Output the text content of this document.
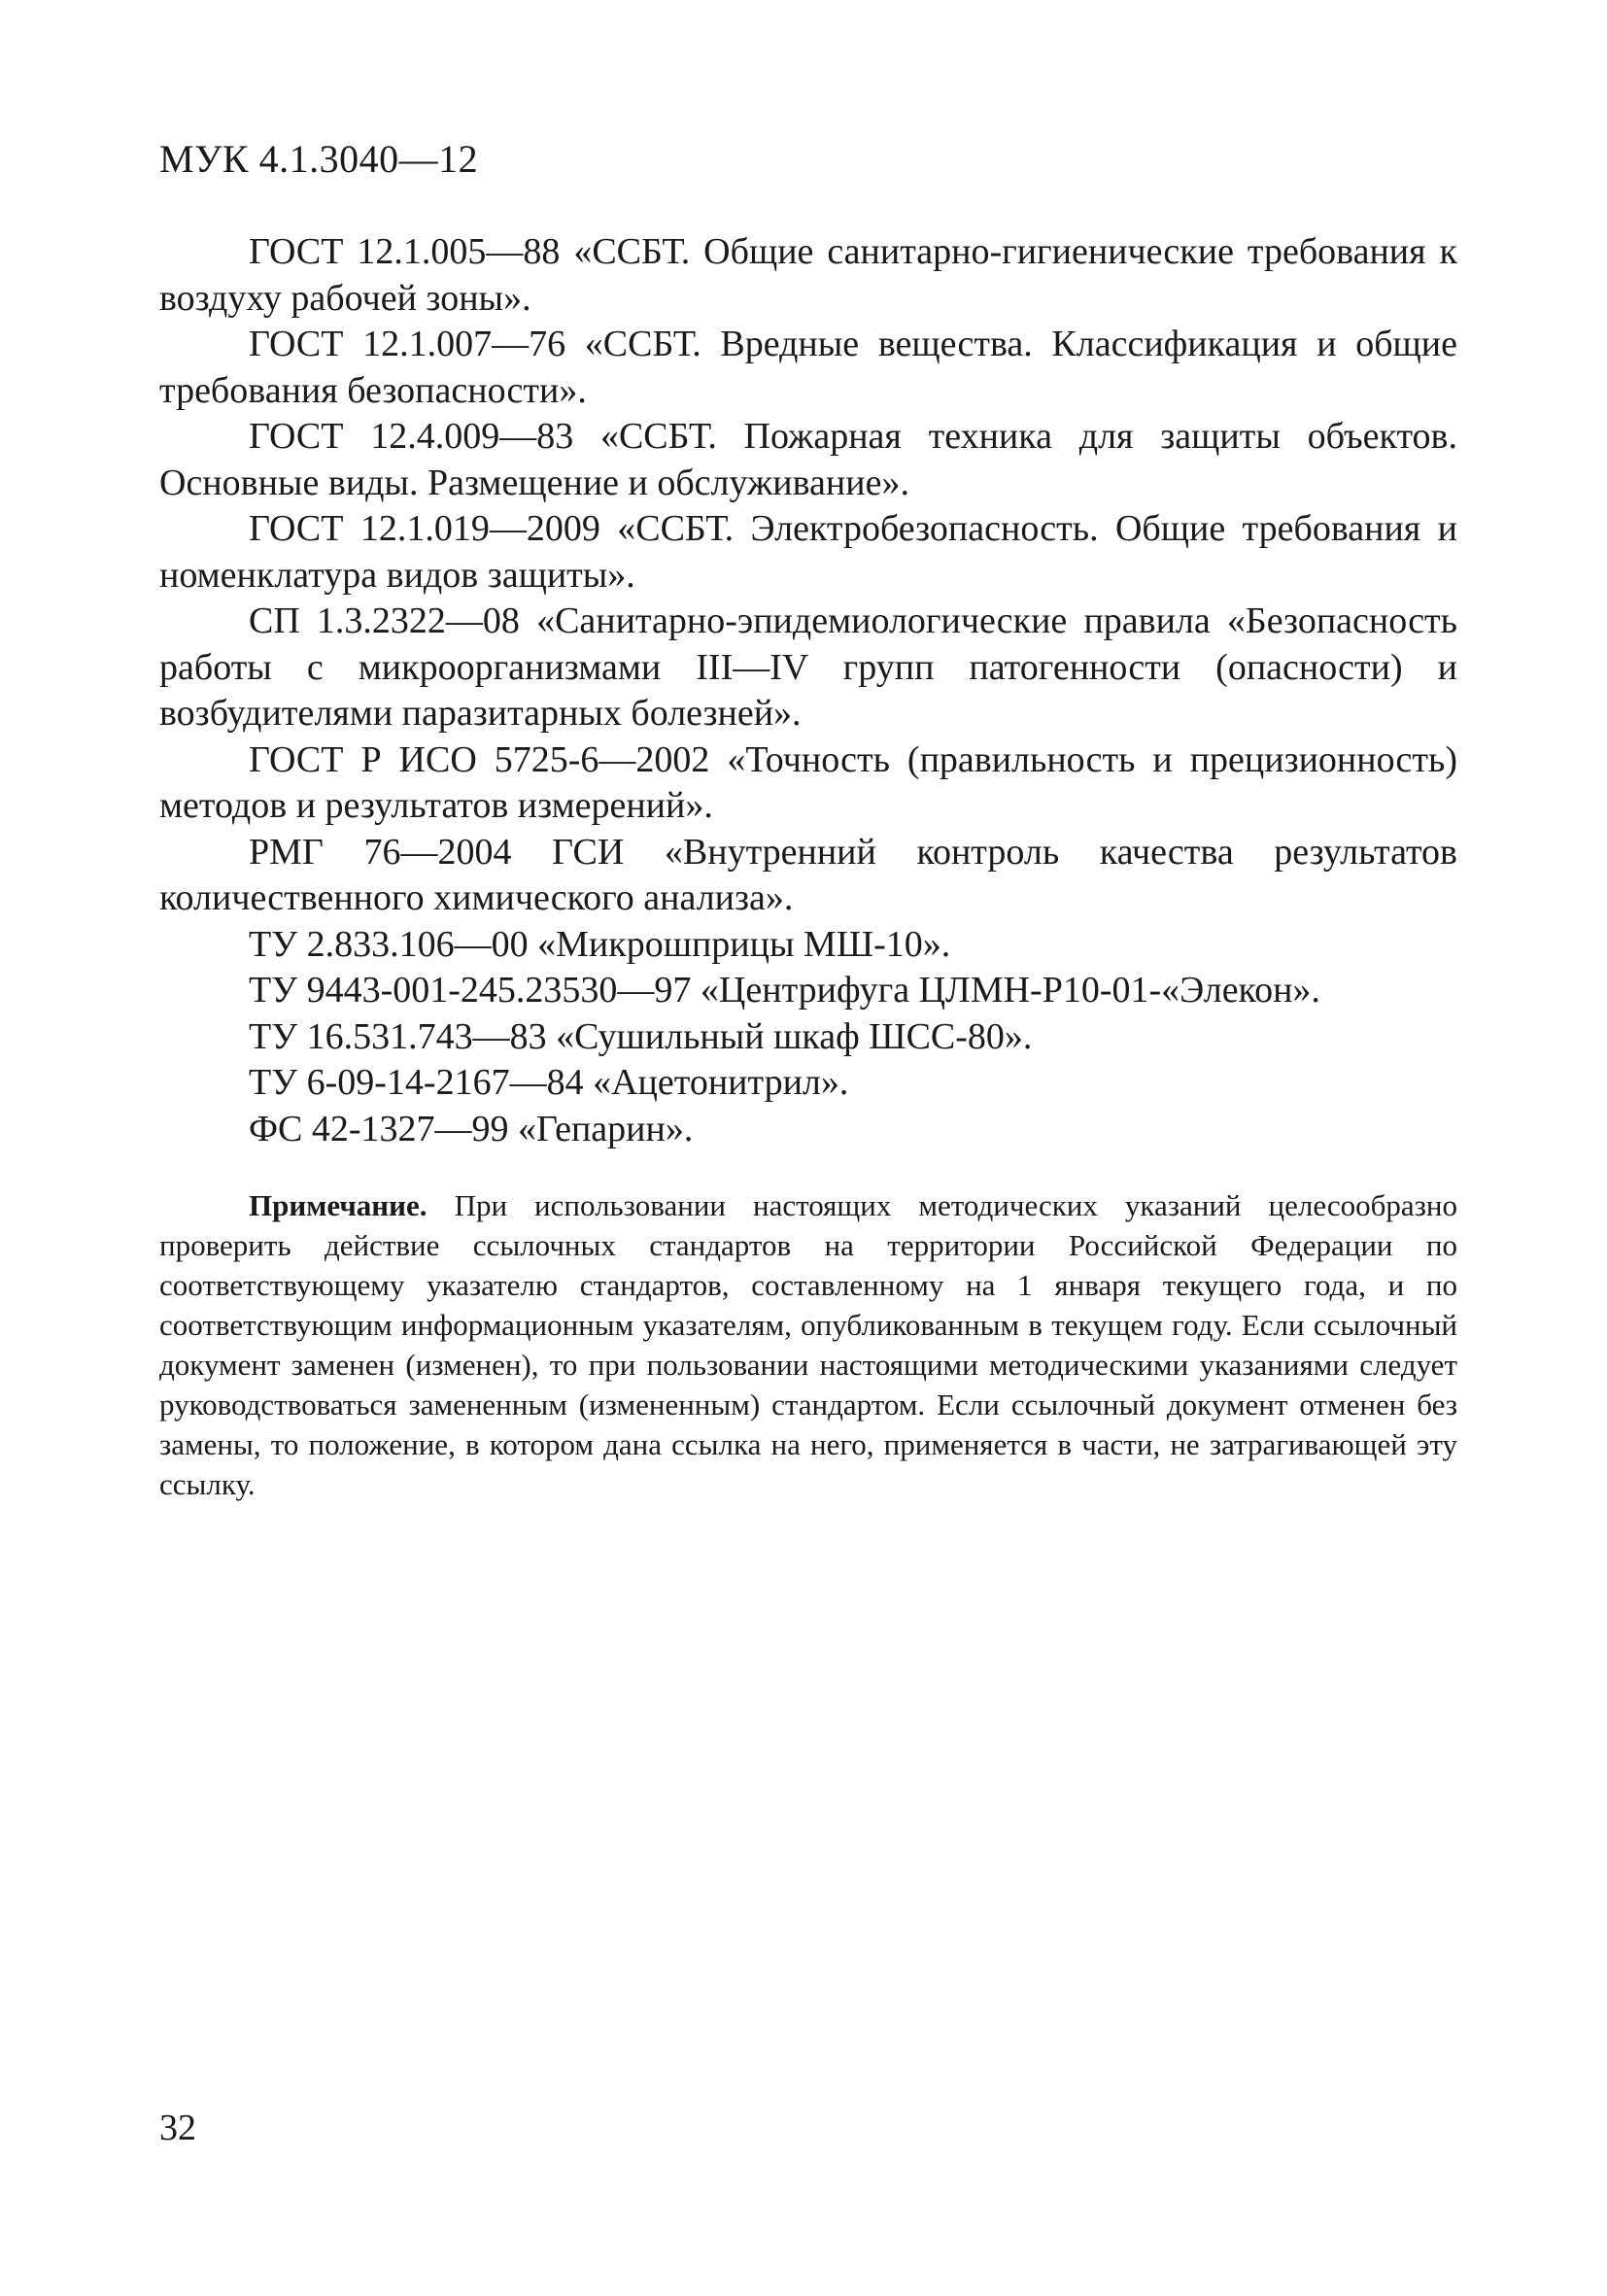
МУК 4.1.3040—12

ГОСТ 12.1.005—88 «ССБТ. Общие санитарно-гигиенические требования к воздуху рабочей зоны».

ГОСТ 12.1.007—76 «ССБТ. Вредные вещества. Классификация и общие требования безопасности».

ГОСТ 12.4.009—83 «ССБТ. Пожарная техника для защиты объектов. Основные виды. Размещение и обслуживание».

ГОСТ 12.1.019—2009 «ССБТ. Электробезопасность. Общие требования и номенклатура видов защиты».

СП 1.3.2322—08 «Санитарно-эпидемиологические правила «Безопасность работы с микроорганизмами III—IV групп патогенности (опасности) и возбудителями паразитарных болезней».

ГОСТ Р ИСО 5725-6—2002 «Точность (правильность и прецизионность) методов и результатов измерений».

РМГ 76—2004 ГСИ «Внутренний контроль качества результатов количественного химического анализа».

ТУ 2.833.106—00 «Микрошприцы МШ-10».

ТУ 9443-001-245.23530—97 «Центрифуга ЦЛМН-Р10-01-«Элекон».

ТУ 16.531.743—83 «Сушильный шкаф ШСС-80».

ТУ 6-09-14-2167—84 «Ацетонитрил».

ФС 42-1327—99 «Гепарин».

Примечание. При использовании настоящих методических указаний целесообразно проверить действие ссылочных стандартов на территории Российской Федерации по соответствующему указателю стандартов, составленному на 1 января текущего года, и по соответствующим информационным указателям, опубликованным в текущем году. Если ссылочный документ заменен (изменен), то при пользовании настоящими методическими указаниями следует руководствоваться замененным (измененным) стандартом. Если ссылочный документ отменен без замены, то положение, в котором дана ссылка на него, применяется в части, не затрагивающей эту ссылку.

32
